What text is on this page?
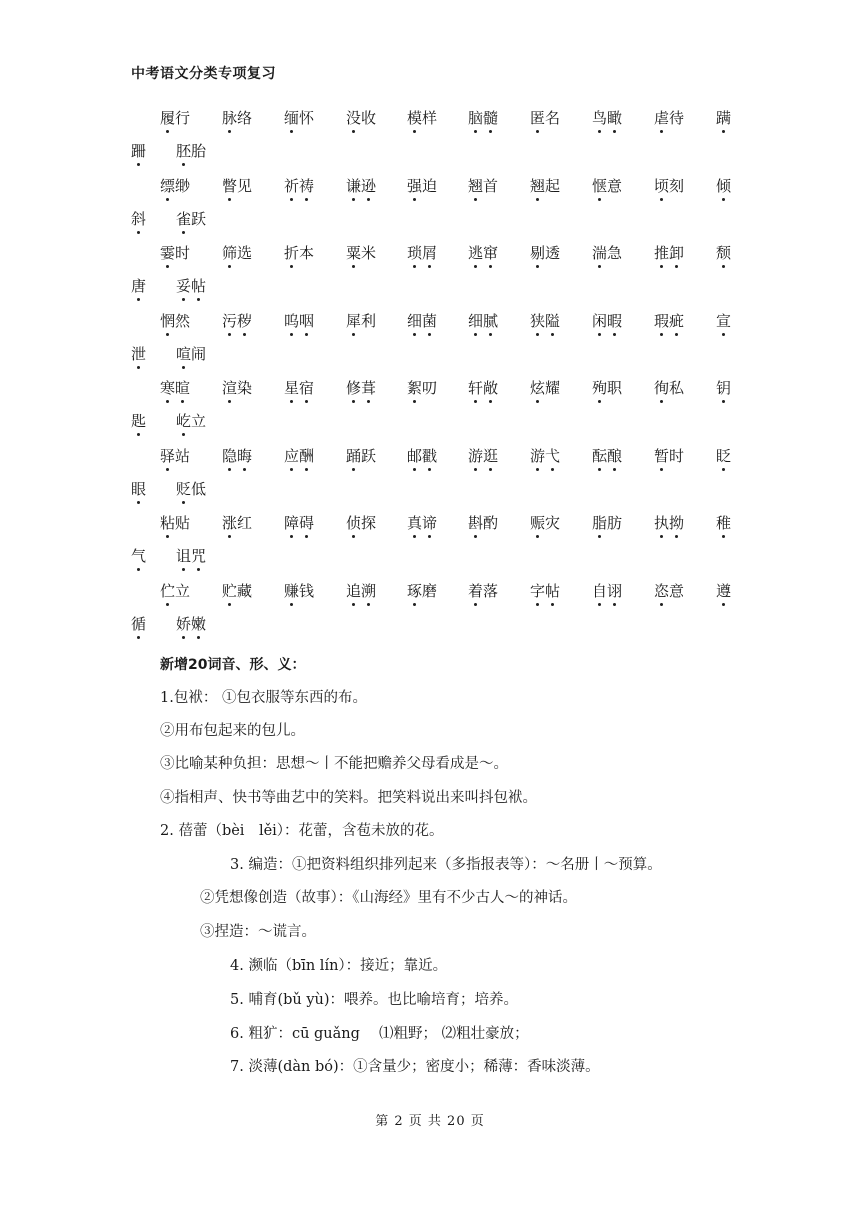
中考语文分类专项复习
履行 脉络 缅怀 没收 模样 脑髓 匿名 鸟瞰 虐待 蹒
跚 胚胎
缥缈 瞥见 祈祷 谦逊 强迫 翘首 翘起 惬意 顷刻 倾
斜 雀跃
霎时 筛选 折本 粟米 琐屑 逃窜 剔透 湍急 推卸 颓
唐 妥帖
惘然 污秽 呜咽 犀利 细菌 细腻 狭隘 闲暇 瑕疵 宣
泄 喧闹
寒暄 渲染 星宿 修葺 絮叨 轩敞 炫耀 殉职 徇私 钥
匙 屹立
驿站 隐晦 应酬 踊跃 邮戳 游逛 游弋 酝酿 暂时 眨
眼 贬低
粘贴 涨红 障碍 侦探 真谛 斟酌 赈灾 脂肪 执拗 稚
气 诅咒
伫立 贮藏 赚钱 追溯 琢磨 着落 字帖 自诩 恣意 遵
循 娇嫩
新增20词音、形、义：
1.包袱： ①包衣服等东西的布。
②用布包起来的包儿。
③比喻某种负担：思想～丨不能把赡养父母看成是～。
④指相声、快书等曲艺中的笑料。把笑料说出来叫抖包袱。
2. 蓓蕾（bèi　lěi）：花蕾，含苞未放的花。
3. 编造：①把资料组织排列起来（多指报表等）：～名册丨～预算。
②凭想像创造（故事）：《山海经》里有不少古人～的神话。
③捏造：～谎言。
4. 濒临（bīn lín）：接近；靠近。
5. 哺育(bǔ yù)：喂养。也比喻培育；培养。
6. 粗犷：cū guǎng　 ⑴粗野； ⑵粗壮豪放；
7. 淡薄(dàn bó)：①含量少；密度小；稀薄：香味淡薄。
第 2 页 共 20 页
